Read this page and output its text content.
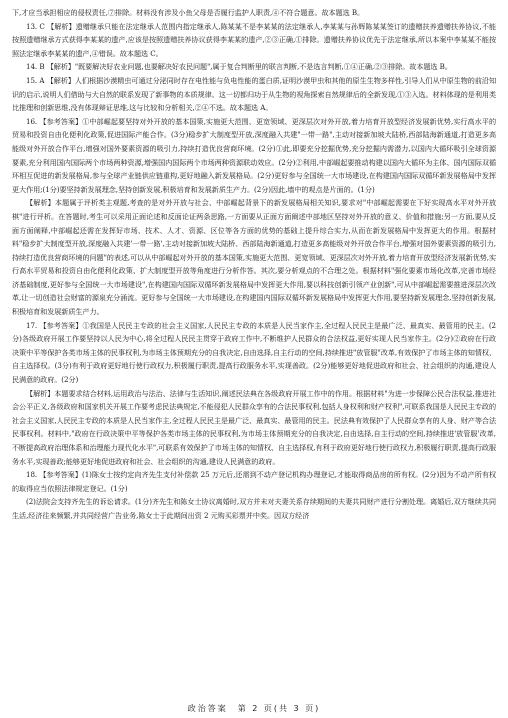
下,才应当承担相应的侵权责任,⑦排除。材料没有涉及小鱼父母是否履行监护人职责,④不符合题意。故本题选 B。

13. C 【解析】遗赠继承只能在法定继承人范围内指定继承人,陈某某不是李某某的法定继承人,李某某与孙辉陈某某签订的遗赠扶养遗赠扶养协议,不能按照遗赠继承方式获得李某某的遗产,应该是按照遗赠扶养协议获得李某某的遗产,②③正确,①排除。遗赠扶养协议优先于法定继承,所以本案中李某某不能按照法定继承李某某的遗产,④错误。故本题选 C。

14. B 【解析】"既要解决好农业问题,也要解决好农民问题",属于复合判断里的联言判断,不是选言判断,①④正确,②③排除。故本题选 B。

15. A 【解析】人们根据沙漠精虫可通过分泌同时存在电性能与负电性能的蛋白质,证明沙漠甲虫和其他的原生生物多样性,引导人们从中原生物的前沿知识的启示,说明人们借助与大自然的联系发现了新事物的本质规律。这一切都归功于从生物的视角探索自然规律后的全新发现,①③入选。材料体现的是利用类比推理和创新思维,没有体现辩证思维,这与比较和分析相关,②④不选。故本题选 A。

16. 【参考答案】①中部崛起要坚持对外开放的基本国策,实施更大范围、更宽领域、更深层次对外开放,着力培育开放型经济发展新优势,实行高水平的贸易和投资自由化便利化政策,促进国际产能合作。(3分)稳步扩大制度型开放,深度融入共建"一带一路",主动对接新加坡大陆桥,西部陆海新通道,打造更多高能级对外开放合作平台,增强对国外要素资源的吸引力,持续打造优良营商环境。(2分)①此,即要充分挖掘优势,充分挖掘内需潜力,以国内大循环吸引全球资源要素,充分利用国内国际两个市场两种资源,增强国内国际两个市场两种资源联动效应。(2分)②利用,中部崛起要推动构建以国内大循环为主体、国内国际双循环相互促进的新发展格局,参与全球产业链供应链重构,更好地融入新发展格局。(2分)更好参与全国统一大市场建设,在构建国内国际双循环新发展格局中发挥更大作用;(1分)要坚持新发展理念,坚持创新发展,积极培育和发展新质生产力。(2分)因此,墙中的观点是片面的。(1分)

【解析】本题属于评析类主观题,考查的是对外开放与社会、中部崛起背景下的新发展格局相关知识,要求对"中部崛起需要在下好实现高水平对外开放棋"进行评析。在答题时,考生可以采用正面论述和反面论证两条思路,一方面要从正面方面阐述中部地区坚持对外开放的意义、价值和措施;另一方面,要从反面方面阐释,中部崛起还需在发挥好市场、技术、人才、资源、区位等各方面的优势的基础上提升综合实力,从而在新发展格局中发挥更大的作用。根据材料"稳步扩大制度型开放,深度融入共建'一带一路',主动对接新加坡大陆桥、西部陆海新通道,打造更多高能级对外开放合作平台,增强对国外要素资源的吸引力,持续打造优良营商环境的问题"的表述,可以从中部崛起对外开放的基本国策,实施更大范围、更宽领域、更深层次对外开放,着力培育开放型经济发展新优势,实行高水平贸易和投资自由化便利化政策、扩大制度型开放等角度进行分析作答。其次,要分析观点的不合理之处。根据材料"强化要素市场化改革,完善市场经济基础制度,更好参与全国统一大市场建设",在构建国内国际双循环新发展格局中发挥更大作用,要以科技创新引领产业创新",可从中部崛起需要推进深层次改革,让一切创造社会财富的源泉充分涌流。更好参与全国统一大市场建设,在构建国内国际双循环新发展格局中发挥更大作用,要坚持新发展理念,坚持创新发展,积极培育和发展新质生产力。

17. 【参考答案】①我国是人民民主专政的社会主义国家,人民民主专政的本质是人民当家作主,全过程人民民主是最广泛、最真实、最管用的民主。(2分)各级政府开展工作要坚持以人民为中心,将全过程人民民主贯穿于政府工作中,不断维护人民群众的合法权益,更好实现人民当家作主。(2分)②政府在行政决策中平等保护各类市场主体的民事权利,为市场主体预期充分的自我决定,自由选择,自主行动的空间,持续推进"放管服"改革,有效保护了市场主体的知情权、自主选择权。(3分)有利于政府更好地行使行政权力,积极履行职责,提高行政服务水平,实现善政。(2分)能够更好地促进政府和社会、社会组织的沟通,建设人民满意的政府。(2分)

【解析】本题要求结合材料,运用政治与法治、法律与生活知识,阐述民法典在各级政府开展工作中的作用。根据材料"为进一步保障公民合法权益,推进社会公平正义,各级政府和国家机关开展工作要考虑民法典规定,不能侵犯人民群众享有的合法民事权利,包括人身权利和财产权利",可联系我国是人民民主专政的社会主义国家,人民民主专政的本质是人民当家作主,全过程人民民主是最广泛、最真实、最管用的民主。民法典有效保护了人民群众享有的人身、财产等合法民事权利。材料中,"政府在行政决策中平等保护各类市场主体的民事权利,为市场主体预期充分的自我决定,自由选择,自主行动的空间,持续推进'放管服'改革,不断提高政府治理体系和治理能力现代化水平",可联系有效保护了市场主体的知情权、自主选择权,有利于政府更好地行使行政权力,积极履行职责,提高行政服务水平,实现善政;能够更好地促进政府和社会、社会组织的沟通,建设人民满意的政府。

18. 【参考答案】(1)陈女士按约定向齐先生支付补偿款 25 万元后,还需到不动产登记机构办理登记,才能取得商品房的所有权。(2分)因为不动产所有权的取得应当依照法律规定登记。(1分)

(2)法院会支持齐先生的诉讼请求。(1分)齐先生和陈女士协议离婚时,双方并未对夫妻关系存续期间的夫妻共同财产进行分割处理。离婚后,双方继续共同生活,经济往来频繁,并共同经营广告业务,陈女士于此期间出资 2 元购买彩票并中奖。因双方经济

政治答案　第 2 页(共 3 页)
